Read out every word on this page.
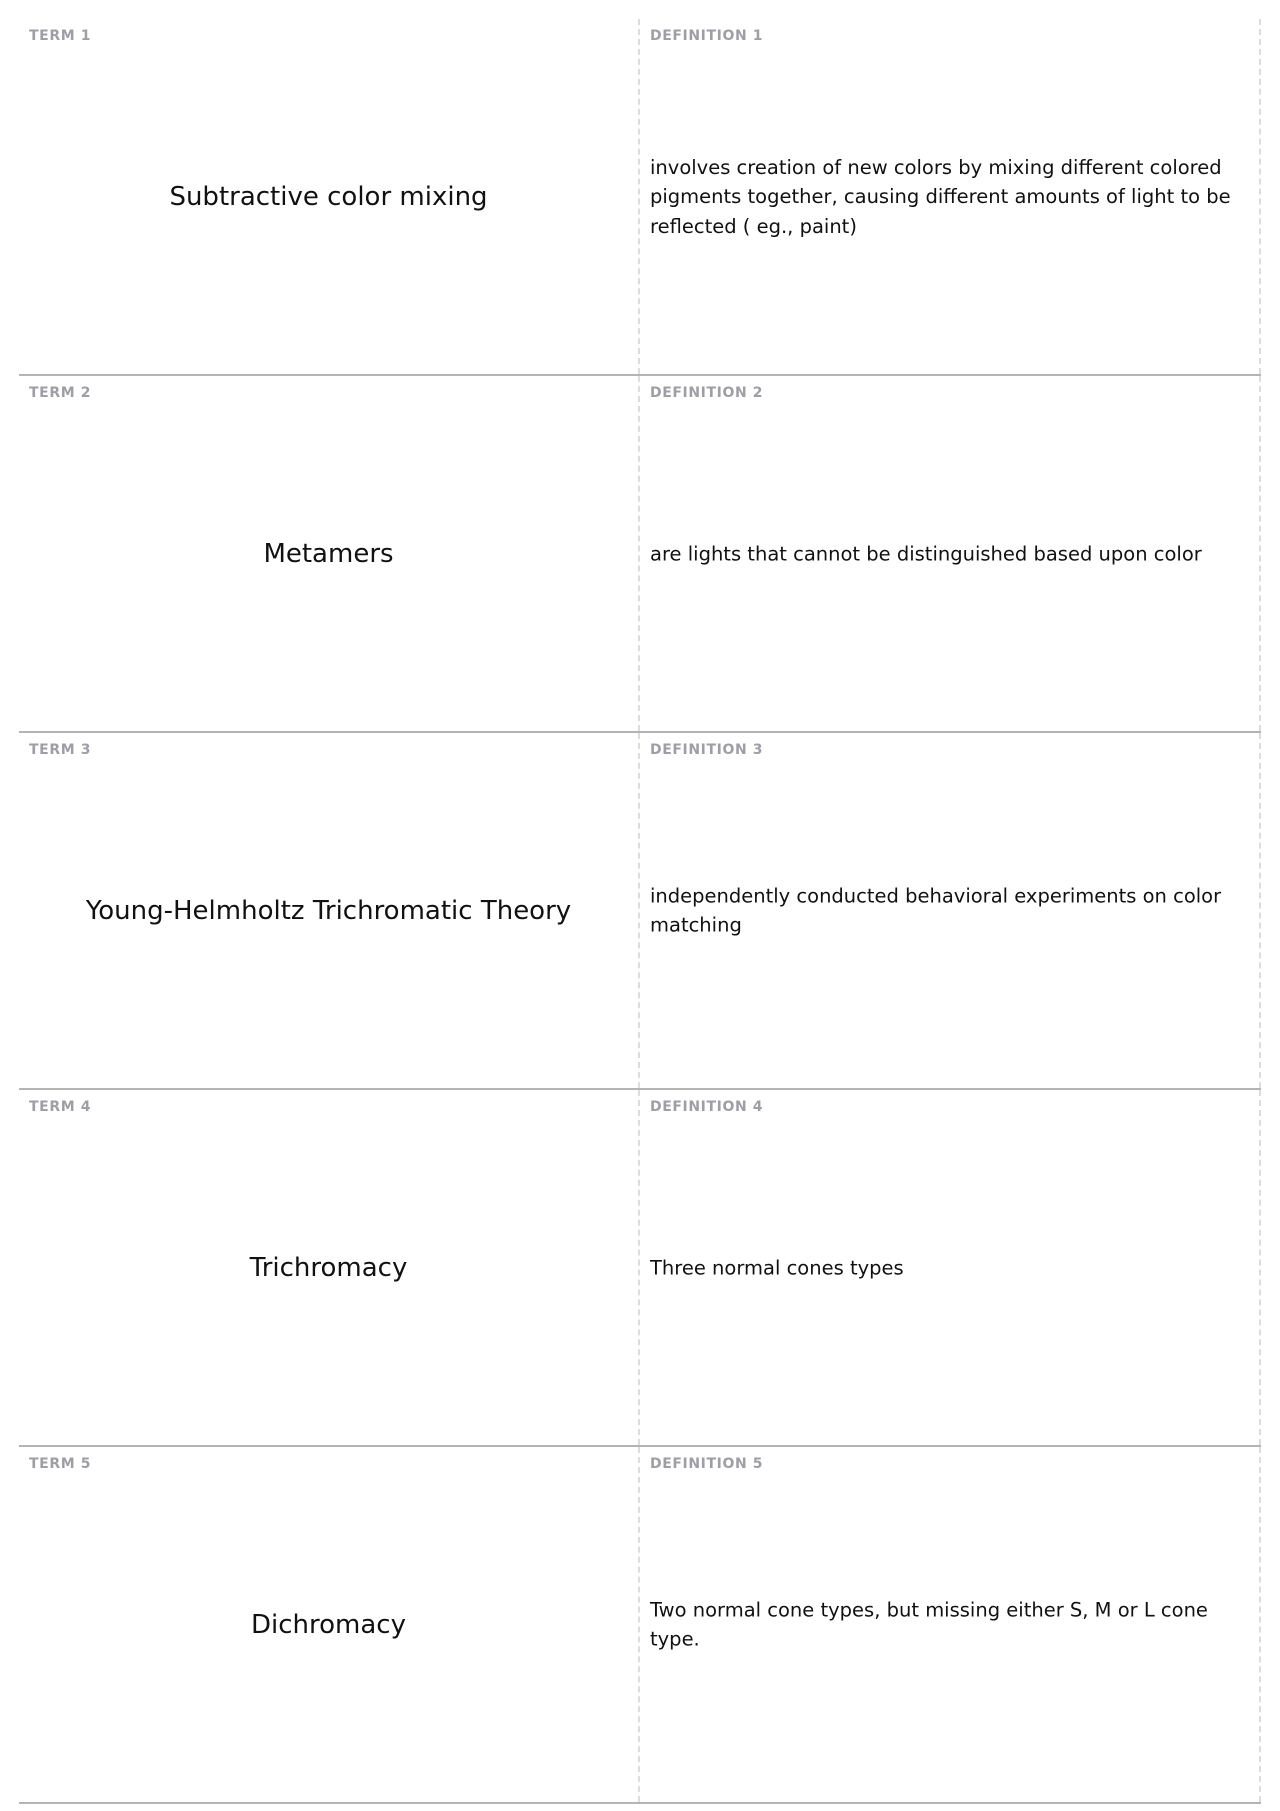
TERM 1
Subtractive color mixing
DEFINITION 1
involves creation of new colors by mixing different colored pigments together, causing different amounts of light to be reflected ( eg., paint)
TERM 2
Metamers
DEFINITION 2
are lights that cannot be distinguished based upon color
TERM 3
Young-Helmholtz Trichromatic Theory
DEFINITION 3
independently conducted behavioral experiments on color matching
TERM 4
Trichromacy
DEFINITION 4
Three normal cones types
TERM 5
Dichromacy
DEFINITION 5
Two normal cone types, but missing either S, M or L cone type.
